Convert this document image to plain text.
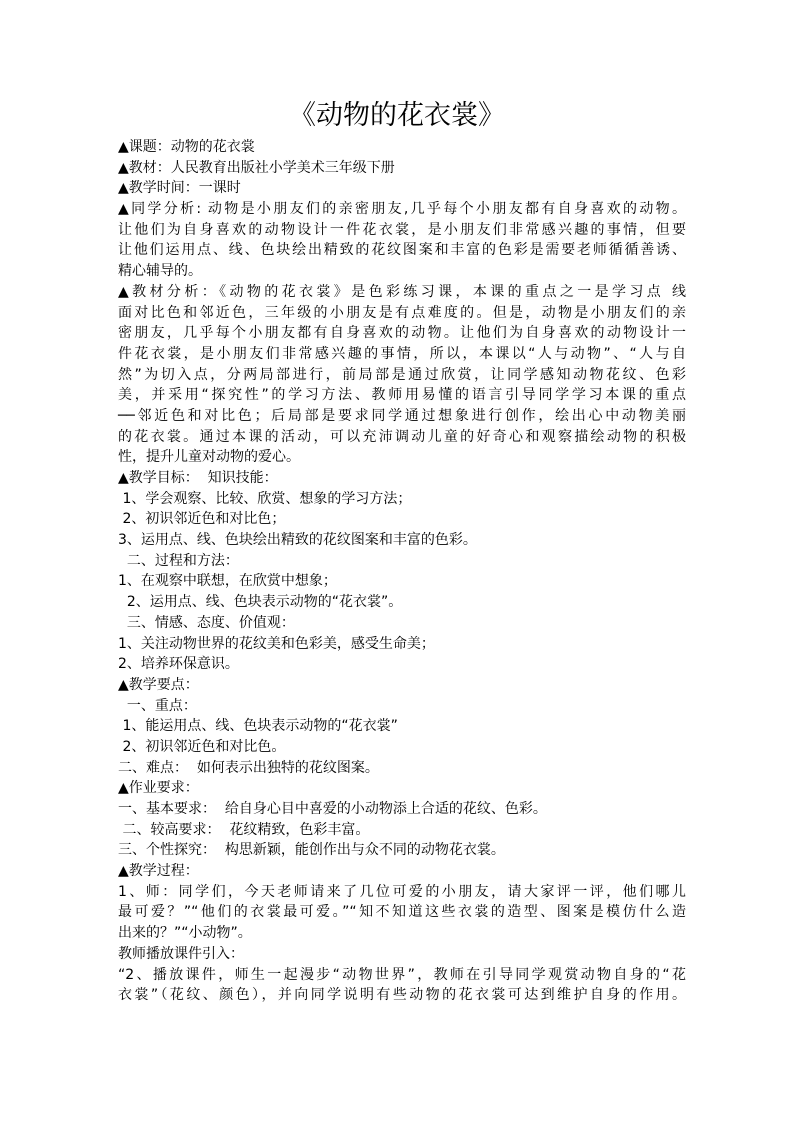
《动物的花衣裳》
▲课题：动物的花衣裳
▲教材：人民教育出版社小学美术三年级下册
▲教学时间：一课时
▲同学分析: 动物是小朋友们的亲密朋友,几乎每个小朋友都有自身喜欢的动物。
让他们为自身喜欢的动物设计一件花衣裳，是小朋友们非常感兴趣的事情，但要
让他们运用点、线、色块绘出精致的花纹图案和丰富的色彩是需要老师循循善诱、
精心辅导的。
▲教材分析：《动物的花衣裳》是色彩练习课，本课的重点之一是学习点 线
面对比色和邻近色，三年级的小朋友是有点难度的。但是，动物是小朋友们的亲
密朋友，几乎每个小朋友都有自身喜欢的动物。让他们为自身喜欢的动物设计一
件花衣裳，是小朋友们非常感兴趣的事情，所以，本课以“人与动物”、“人与自
然”为切入点，分两局部进行，前局部是通过欣赏，让同学感知动物花纹、色彩
美，并采用“探究性”的学习方法、教师用易懂的语言引导同学学习本课的重点
──邻近色和对比色；后局部是要求同学通过想象进行创作，绘出心中动物美丽
的花衣裳。通过本课的活动，可以充沛调动儿童的好奇心和观察描绘动物的积极
性，提升儿童对动物的爱心。
▲教学目标：  知识技能：
1、学会观察、比较、欣赏、想象的学习方法；
2、初识邻近色和对比色；
3、运用点、线、色块绘出精致的花纹图案和丰富的色彩。
二、过程和方法：
1、在观察中联想，在欣赏中想象；
2、运用点、线、色块表示动物的“花衣裳”。
三、情感、态度、价值观：
1、关注动物世界的花纹美和色彩美，感受生命美；
2、培养环保意识。
▲教学要点：
一、重点：
1、能运用点、线、色块表示动物的“花衣裳”
2、初识邻近色和对比色。
二、难点：  如何表示出独特的花纹图案。
▲作业要求：
一、基本要求：  给自身心目中喜爱的小动物添上合适的花纹、色彩。
二、较高要求：  花纹精致，色彩丰富。
三、个性探究：  构思新颖，能创作出与众不同的动物花衣裳。
▲教学过程：
1、师：同学们，今天老师请来了几位可爱的小朋友，请大家评一评，他们哪儿
最可爱？”“他们的衣裳最可爱。”“知不知道这些衣裳的造型、图案是模仿什么造
出来的？”“小动物”。
教师播放课件引入：
“2、播放课件，师生一起漫步“动物世界”，教师在引导同学观赏动物自身的“花
衣裳”（花纹、颜色），并向同学说明有些动物的花衣裳可达到维护自身的作用。
